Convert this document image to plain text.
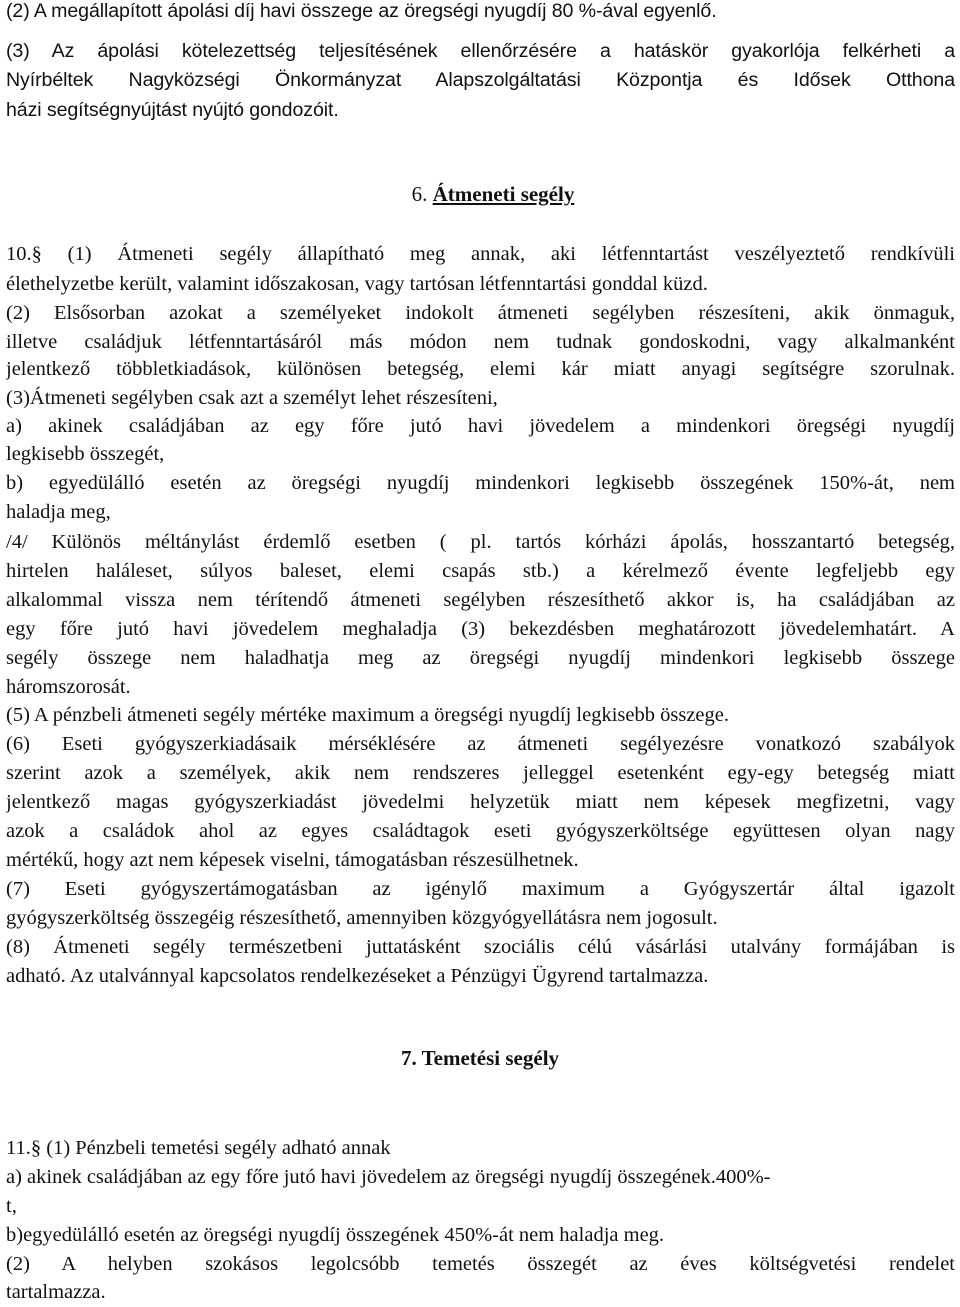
(2) A megállapított ápolási díj havi összege az öregségi nyugdíj 80 %-ával egyenlő.
(3) Az ápolási kötelezettség teljesítésének ellenőrzésére a hatáskör gyakorlója felkérheti a
Nyírbéltek Nagyközségi Önkormányzat Alapszolgáltatási Központja és Idősek Otthona
házi segítségnyújtást nyújtó gondozóit.
6. Átmeneti segély
10.§ (1) Átmeneti segély állapítható meg annak, aki létfenntartást veszélyeztető rendkívüli
élethelyzetbe került, valamint időszakosan, vagy tartósan létfenntartási gonddal küzd.
(2) Elsősorban azokat a személyeket indokolt átmeneti segélyben részesíteni, akik önmaguk,
illetve családjuk létfenntartásáról más módon nem tudnak gondoskodni, vagy alkalmanként
jelentkező többletkiadások, különösen betegség, elemi kár miatt anyagi segítségre szorulnak.
(3)Átmeneti segélyben csak azt a személyt lehet részesíteni,
a) akinek családjában az egy főre jutó havi jövedelem a mindenkori öregségi nyugdíj
legkisebb összegét,
b) egyedülálló esetén az öregségi nyugdíj mindenkori legkisebb összegének 150%-át, nem
haladja meg,
/4/ Különös méltánylást érdemlő esetben ( pl. tartós kórházi ápolás, hosszantartó betegség,
hirtelen haláleset, súlyos baleset, elemi csapás stb.) a kérelmező évente legfeljebb egy
alkalommal vissza nem térítendő átmeneti segélyben részesíthető akkor is, ha családjában az
egy főre jutó havi jövedelem meghaladja (3) bekezdésben meghatározott jövedelemhatárt. A
segély összege nem haladhatja meg az öregségi nyugdíj mindenkori legkisebb összege
háromszorosát.
(5) A pénzbeli átmeneti segély mértéke maximum a öregségi nyugdíj legkisebb összege.
(6) Eseti gyógyszerkiadásaik mérséklésére az átmeneti segélyezésre vonatkozó szabályok
szerint azok a személyek, akik nem rendszeres jelleggel esetenként egy-egy betegség miatt
jelentkező magas gyógyszerkiadást jövedelmi helyzetük miatt nem képesek megfizetni, vagy
azok a családok ahol az egyes családtagok eseti gyógyszerköltsége együttesen olyan nagy
mértékű, hogy azt nem képesek viselni, támogatásban részesülhetnek.
(7) Eseti gyógyszertámogatásban az igénylő maximum a Gyógyszertár által igazolt
gyógyszerköltség összegéig részesíthető, amennyiben közgyógyellátásra nem jogosult.
(8) Átmeneti segély természetbeni juttatásként szociális célú vásárlási utalvány formájában is
adható. Az utalvánnyal kapcsolatos rendelkezéseket a Pénzügyi Ügyrend tartalmazza.
7. Temetési segély
11.§ (1) Pénzbeli temetési segély adható annak
a) akinek családjában az egy főre jutó havi jövedelem az öregségi nyugdíj összegének.400%-
t,
b)egyedülálló esetén az öregségi nyugdíj összegének 450%-át nem haladja meg.
(2) A helyben szokásos legolcsóbb temetés összegét az éves költségvetési rendelet
tartalmazza.
